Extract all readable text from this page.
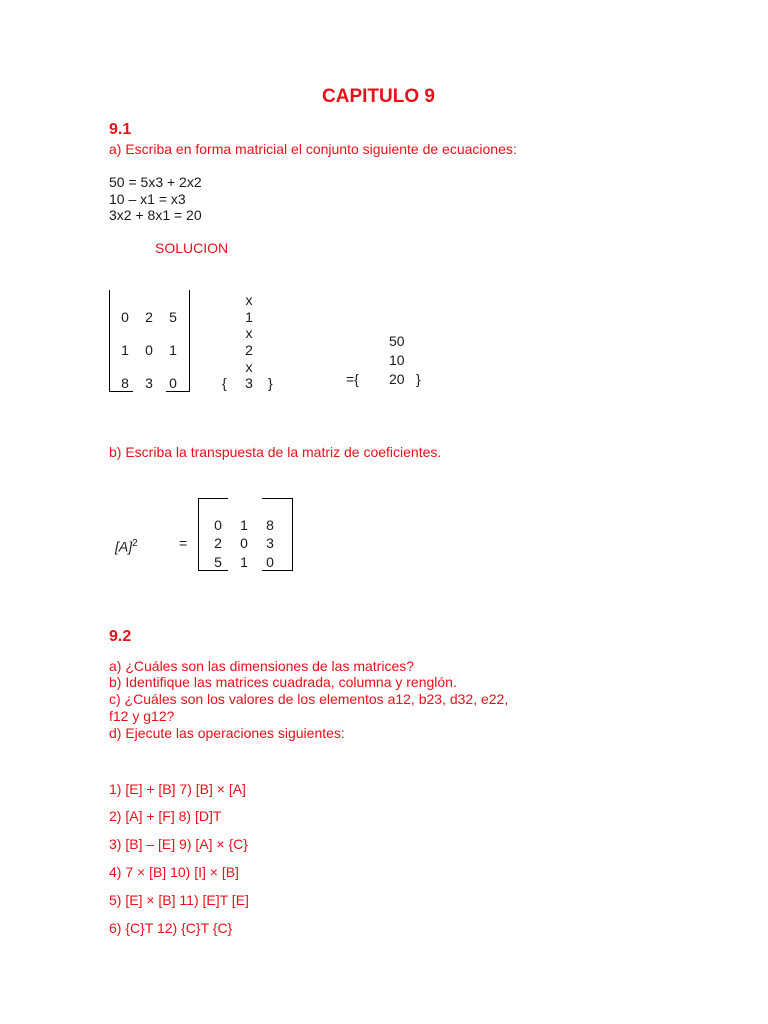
CAPITULO 9
9.1
a) Escriba en forma matricial el conjunto siguiente de ecuaciones:
50 = 5x3 + 2x2
10 – x1 = x3
3x2 + 8x1 = 20
SOLUCION
0 2 5
1 0 1
8 3 0
x
1
x
2
x
3
{	}
50
10
={ 20 }
b) Escriba la transpuesta de la matriz de coeficientes.
$[A]^2$	=
0 1 8
2 0 3
5 1 0
9.2
a) ¿Cuáles son las dimensiones de las matrices?
b) Identifique las matrices cuadrada, columna y renglón.
c) ¿Cuáles son los valores de los elementos a12, b23, d32, e22,
f12 y g12?
d) Ejecute las operaciones siguientes:
1) [E] + [B] 7) [B] × [A]
2) [A] + [F] 8) [D]T
3) [B] – [E] 9) [A] × {C}
4) 7 × [B] 10) [I] × [B]
5) [E] × [B] 11) [E]T [E]
6) {C}T 12) {C}T {C}
